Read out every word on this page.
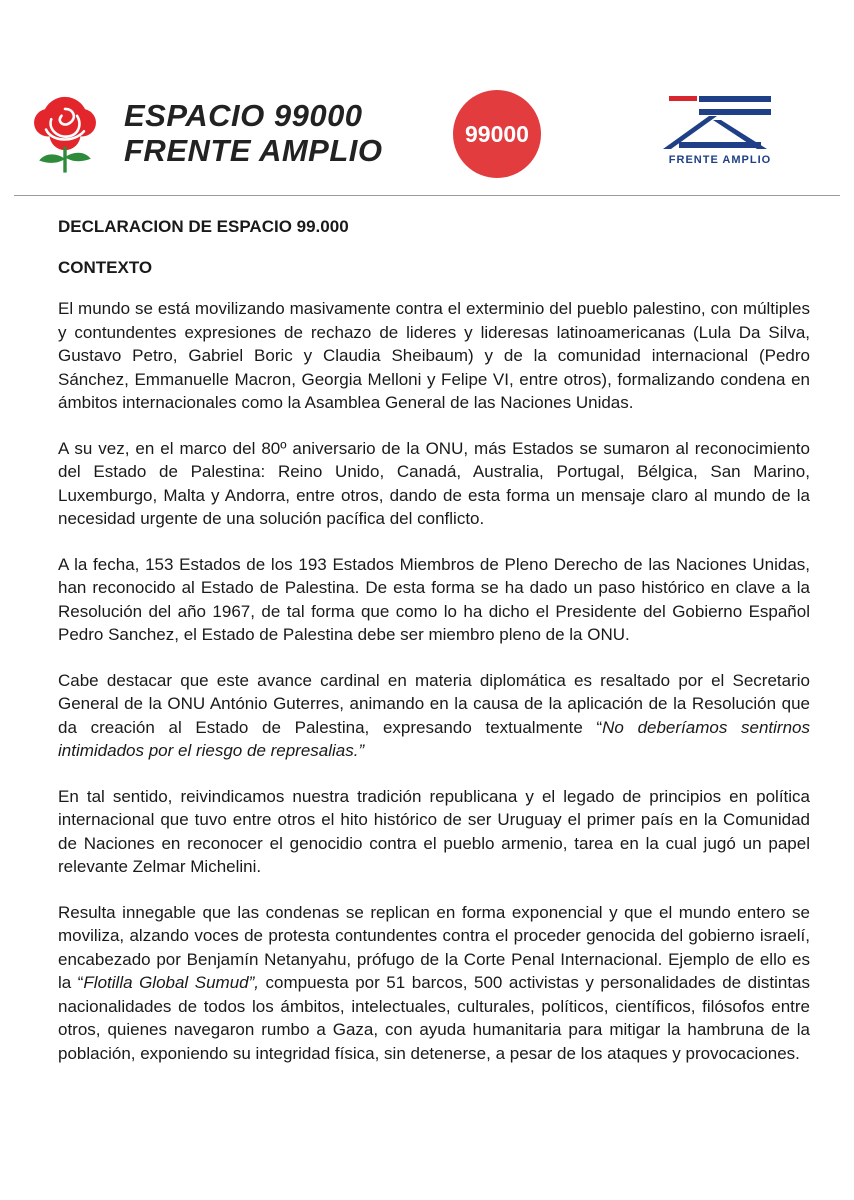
ESPACIO 99000
FRENTE AMPLIO	99000
FRENTE AMPLIO
DECLARACION DE ESPACIO 99.000
CONTEXTO

El mundo se está movilizando masivamente contra el exterminio del pueblo palestino, con múltiples y contundentes expresiones de rechazo de lideres y lideresas latinoamericanas (Lula Da Silva, Gustavo Petro, Gabriel Boric y Claudia Sheibaum) y de la comunidad internacional (Pedro Sánchez, Emmanuelle Macron, Georgia Melloni y Felipe VI, entre otros), formalizando condena en ámbitos internacionales como la Asamblea General de las Naciones Unidas.

A su vez, en el marco del 80º aniversario de la ONU, más Estados se sumaron al reconocimiento del Estado de Palestina: Reino Unido, Canadá, Australia, Portugal, Bélgica, San Marino, Luxemburgo, Malta y Andorra, entre otros, dando de esta forma un mensaje claro al mundo de la necesidad urgente de una solución pacífica del conflicto.

A la fecha, 153 Estados de los 193 Estados Miembros de Pleno Derecho de las Naciones Unidas, han reconocido al Estado de Palestina. De esta forma se ha dado un paso histórico en clave a la Resolución del año 1967, de tal forma que como lo ha dicho el Presidente del Gobierno Español Pedro Sanchez, el Estado de Palestina debe ser miembro pleno de la ONU.

Cabe destacar que este avance cardinal en materia diplomática es resaltado por el Secretario General de la ONU António Guterres, animando en la causa de la aplicación de la Resolución que da creación al Estado de Palestina, expresando textualmente “No deberíamos sentirnos intimidados por el riesgo de represalias.”

En tal sentido, reivindicamos nuestra tradición republicana y el legado de principios en política internacional que tuvo entre otros el hito histórico de ser Uruguay el primer país en la Comunidad de Naciones en reconocer el genocidio contra el pueblo armenio, tarea en la cual jugó un papel relevante Zelmar Michelini.

Resulta innegable que las condenas se replican en forma exponencial y que el mundo entero se moviliza, alzando voces de protesta contundentes contra el proceder genocida del gobierno israelí, encabezado por Benjamín Netanyahu, prófugo de la Corte Penal Internacional. Ejemplo de ello es la “Flotilla Global Sumud”, compuesta por 51 barcos, 500 activistas y personalidades de distintas nacionalidades de todos los ámbitos, intelectuales, culturales, políticos, científicos, filósofos entre otros, quienes navegaron rumbo a Gaza, con ayuda humanitaria para mitigar la hambruna de la población, exponiendo su integridad física, sin detenerse, a pesar de los ataques y provocaciones.
